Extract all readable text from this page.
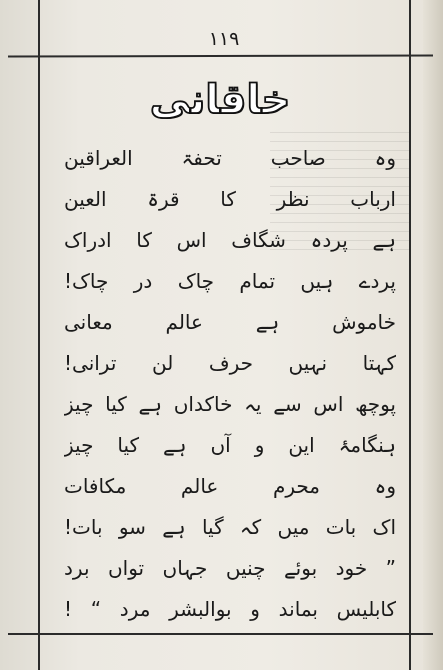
۱۱۹
خاقانی
وہ صاحب تحفۃ العراقین
ارباب نظر کا قرۃ العین
ہے پردہ شگاف اس کا ادراک
پردے ہیں تمام چاک در چاک!
خاموش ہے عالم معانی
کہتا نہیں حرف لن ترانی!
پوچھ اس سے یہ خاکداں ہے کیا چیز
ہنگامۂ این و آں ہے کیا چیز
وہ محرم عالم مکافات
اک بات میں کہ گیا ہے سو بات!
” خود بوئے چنیں جہاں تواں برد
کابلیس بماند و بوالبشر مرد “ !
